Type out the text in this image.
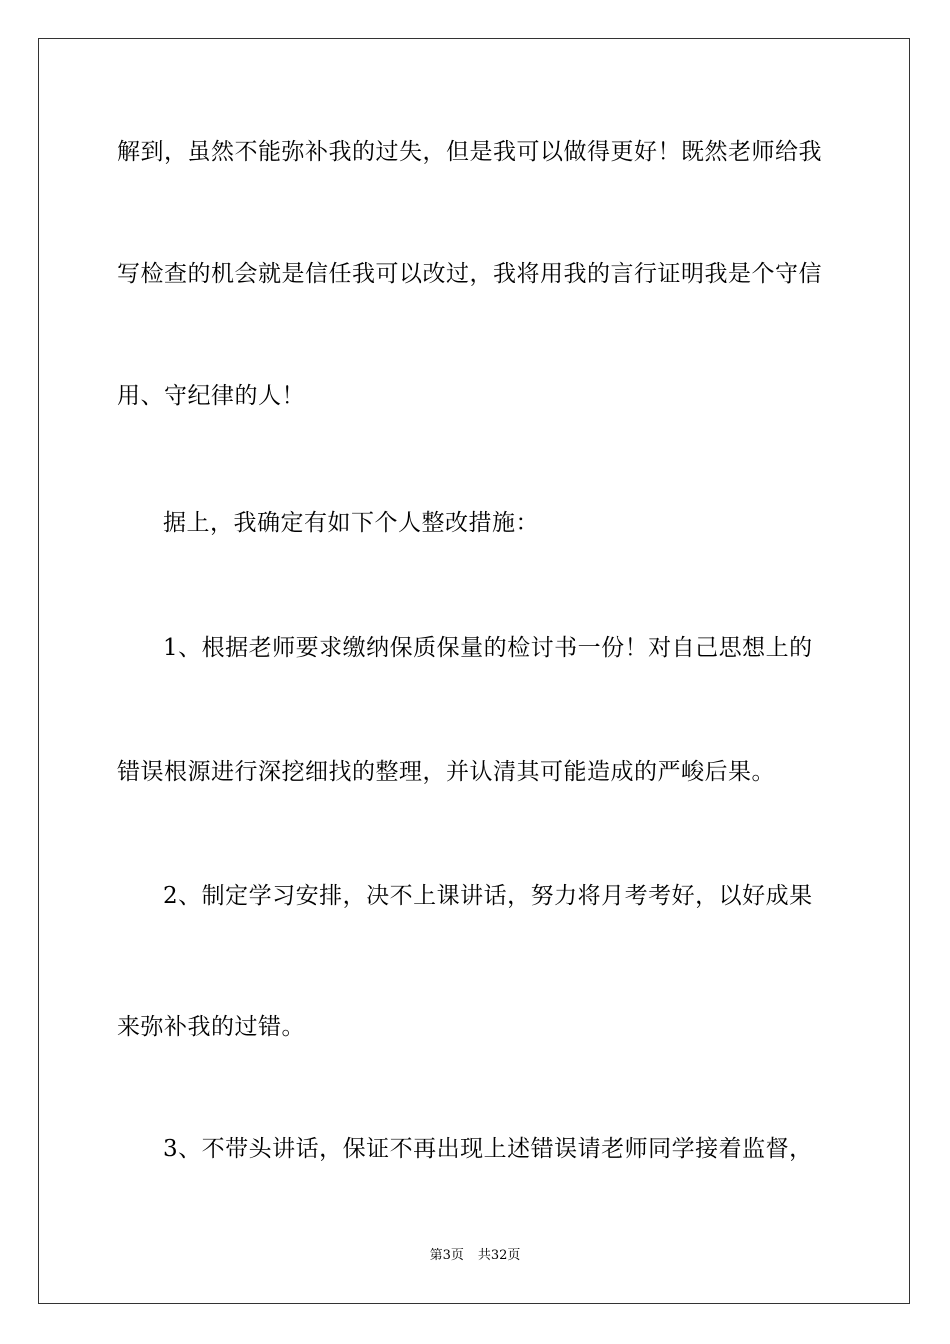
解到，虽然不能弥补我的过失，但是我可以做得更好！既然老师给我
写检查的机会就是信任我可以改过，我将用我的言行证明我是个守信
用、守纪律的人！
据上，我确定有如下个人整改措施：
1、根据老师要求缴纳保质保量的检讨书一份！对自己思想上的
错误根源进行深挖细找的整理，并认清其可能造成的严峻后果。
2、制定学习安排，决不上课讲话，努力将月考考好，以好成果
来弥补我的过错。
3、不带头讲话，保证不再出现上述错误请老师同学接着监督，
第3页 共32页
